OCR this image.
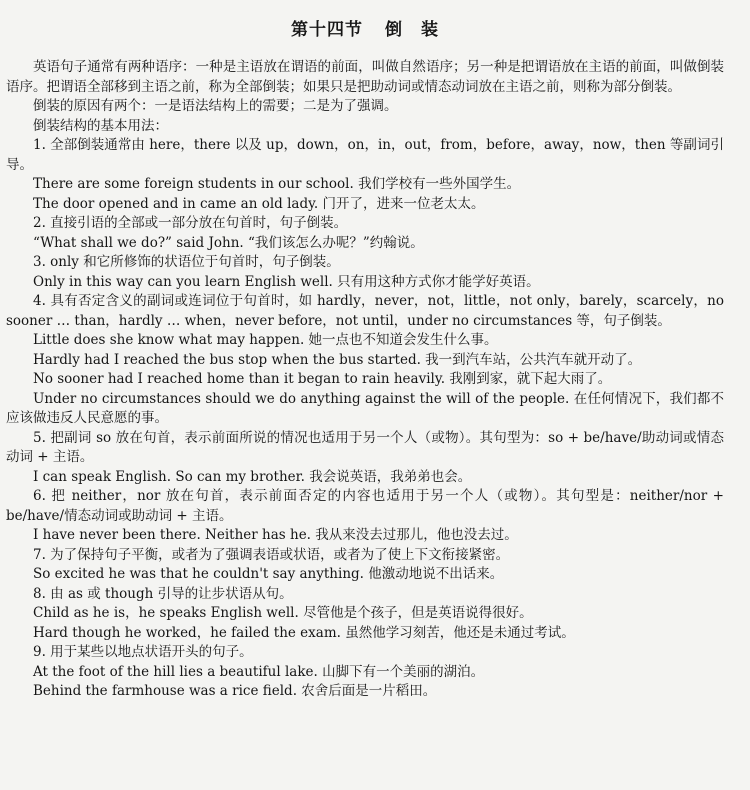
第十四节 倒　装

英语句子通常有两种语序：一种是主语放在谓语的前面，叫做自然语序；另一种是把谓语放在主语的前面，叫做倒装语序。把谓语全部移到主语之前，称为全部倒装；如果只是把助动词或情态动词放在主语之前，则称为部分倒装。

倒装的原因有两个：一是语法结构上的需要；二是为了强调。

倒装结构的基本用法：

1. 全部倒装通常由 here，there 以及 up，down，on，in，out，from，before，away，now，then 等副词引导。

There are some foreign students in our school. 我们学校有一些外国学生。

The door opened and in came an old lady. 门开了，进来一位老太太。

2. 直接引语的全部或一部分放在句首时，句子倒装。

“What shall we do?” said John. “我们该怎么办呢？”约翰说。

3. only 和它所修饰的状语位于句首时，句子倒装。

Only in this way can you learn English well. 只有用这种方式你才能学好英语。

4. 具有否定含义的副词或连词位于句首时，如 hardly，never，not，little，not only，barely，scarcely，no sooner … than，hardly … when，never before，not until，under no circumstances 等，句子倒装。

Little does she know what may happen. 她一点也不知道会发生什么事。

Hardly had I reached the bus stop when the bus started. 我一到汽车站，公共汽车就开动了。

No sooner had I reached home than it began to rain heavily. 我刚到家，就下起大雨了。

Under no circumstances should we do anything against the will of the people. 在任何情况下，我们都不应该做违反人民意愿的事。

5. 把副词 so 放在句首，表示前面所说的情况也适用于另一个人（或物）。其句型为：so + be/have/助动词或情态动词 + 主语。

I can speak English. So can my brother. 我会说英语，我弟弟也会。

6. 把 neither，nor 放在句首，表示前面否定的内容也适用于另一个人（或物）。其句型是：neither/nor + be/have/情态动词或助动词 + 主语。

I have never been there. Neither has he. 我从来没去过那儿，他也没去过。

7. 为了保持句子平衡，或者为了强调表语或状语，或者为了使上下文衔接紧密。

So excited he was that he couldn't say anything. 他激动地说不出话来。

8. 由 as 或 though 引导的让步状语从句。

Child as he is，he speaks English well. 尽管他是个孩子，但是英语说得很好。

Hard though he worked，he failed the exam. 虽然他学习刻苦，他还是未通过考试。

9. 用于某些以地点状语开头的句子。

At the foot of the hill lies a beautiful lake. 山脚下有一个美丽的湖泊。

Behind the farmhouse was a rice field. 农舍后面是一片稻田。
